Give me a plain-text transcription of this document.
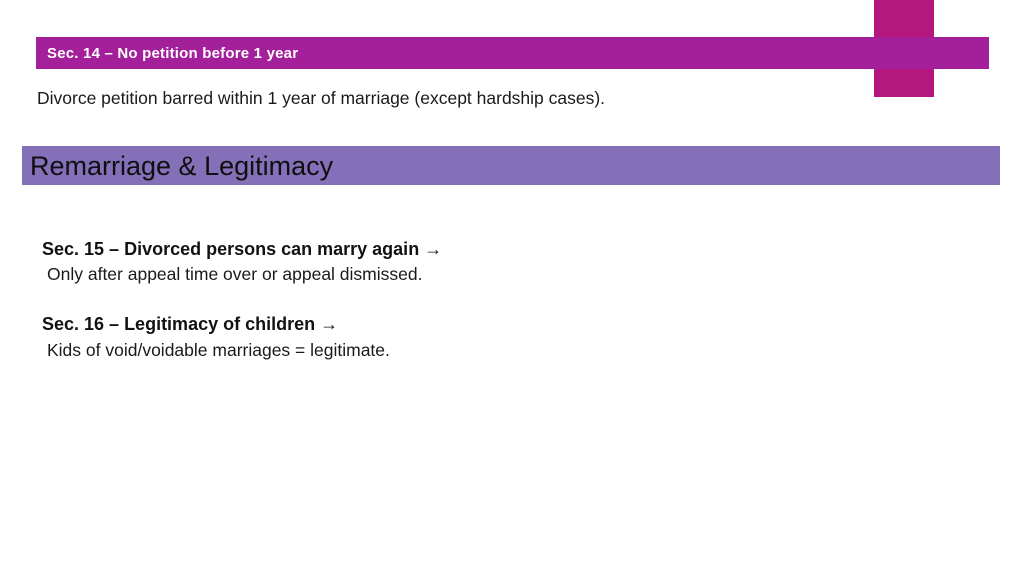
Sec. 14 – No petition before 1 year
Divorce petition barred within 1 year of marriage (except hardship cases).
Remarriage & Legitimacy
Sec. 15 – Divorced persons can marry again →
Only after appeal time over or appeal dismissed.
Sec. 16 – Legitimacy of children →
Kids of void/voidable marriages = legitimate.
